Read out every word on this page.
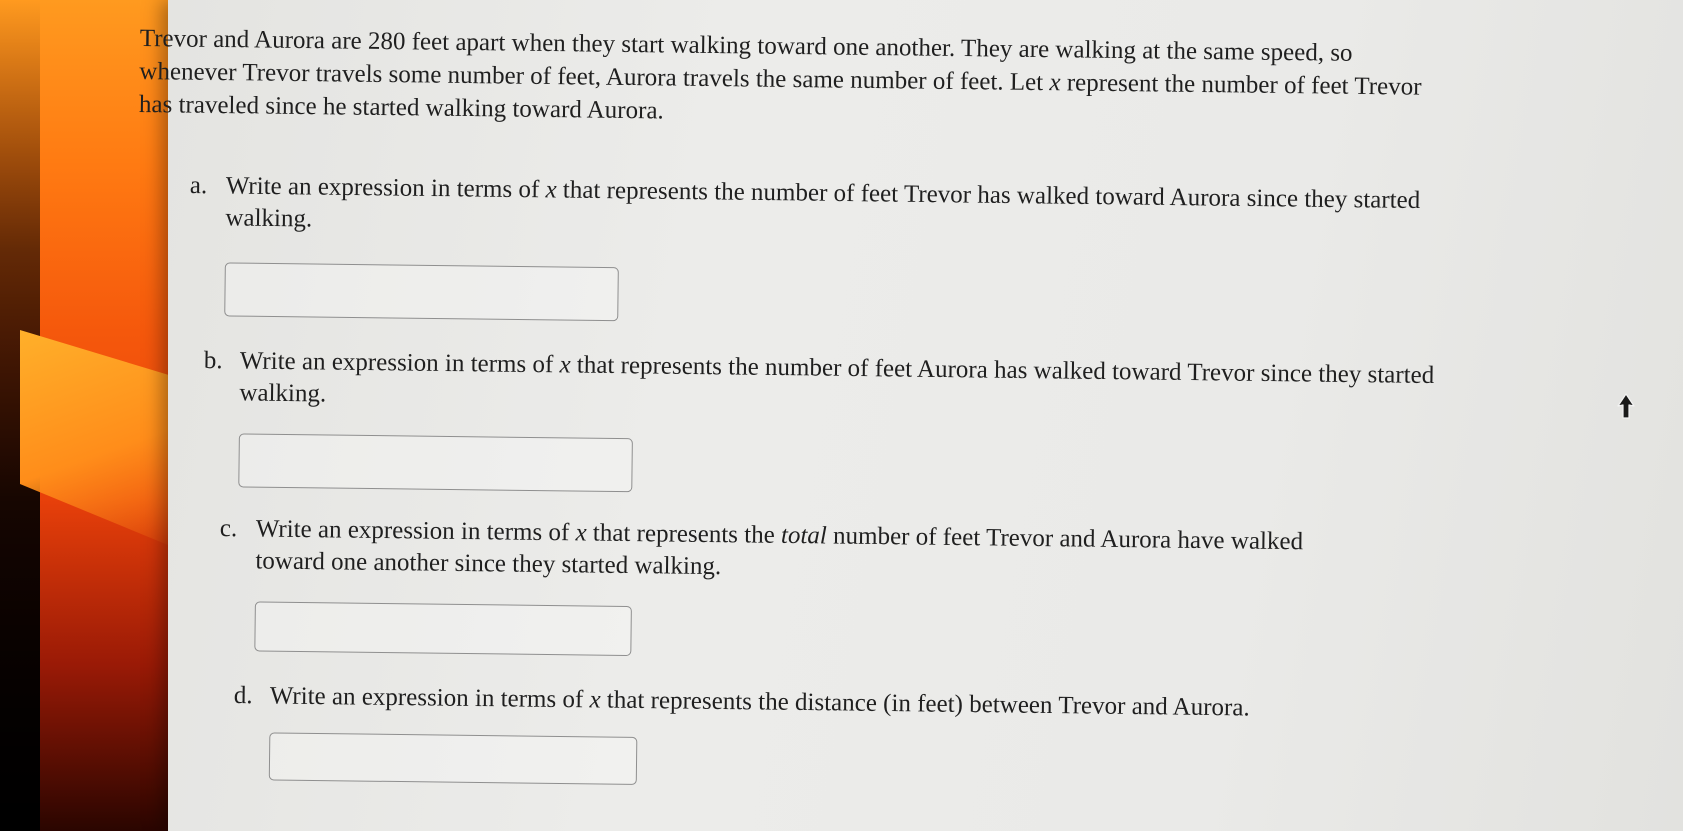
Trevor and Aurora are 280 feet apart when they start walking toward one another. They are walking at the same speed, so whenever Trevor travels some number of feet, Aurora travels the same number of feet. Let x represent the number of feet Trevor has traveled since he started walking toward Aurora.

a. Write an expression in terms of x that represents the number of feet Trevor has walked toward Aurora since they started walking.
b. Write an expression in terms of x that represents the number of feet Aurora has walked toward Trevor since they started walking.
c. Write an expression in terms of x that represents the total number of feet Trevor and Aurora have walked toward one another since they started walking.
d. Write an expression in terms of x that represents the distance (in feet) between Trevor and Aurora.
